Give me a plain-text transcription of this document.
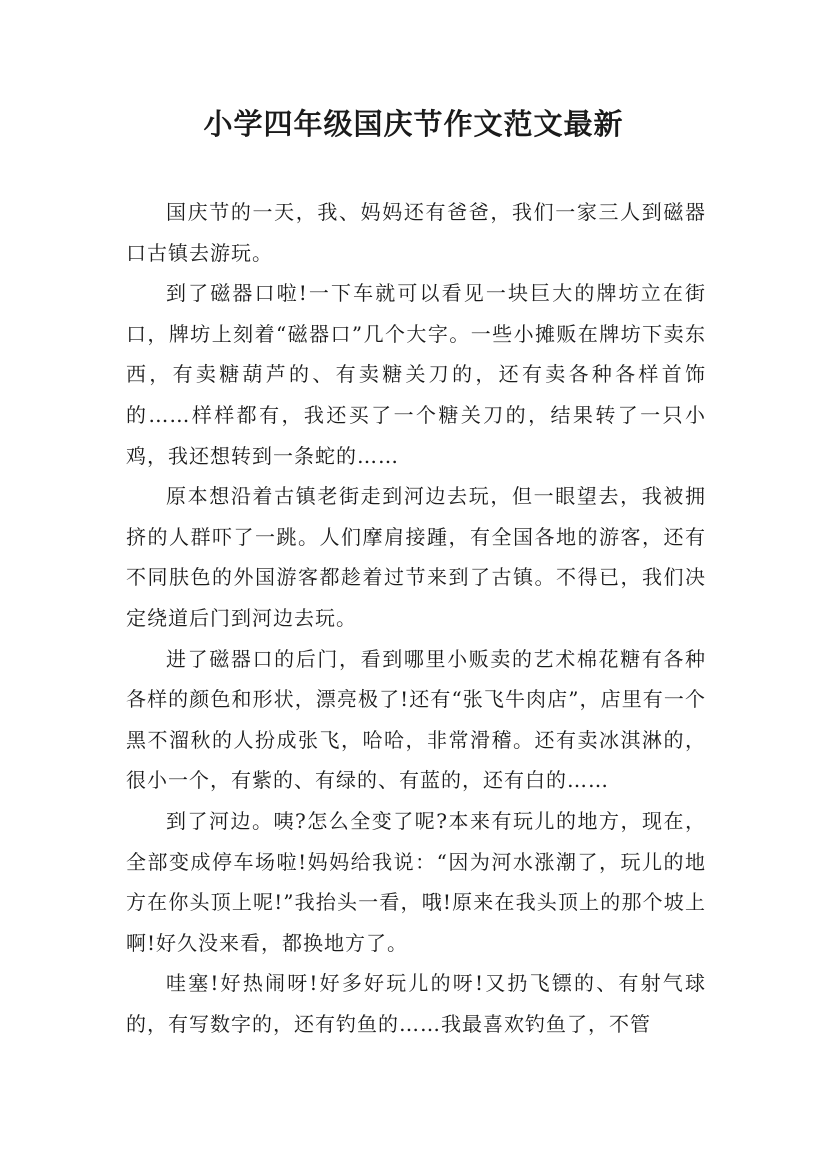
小学四年级国庆节作文范文最新

国庆节的一天，我、妈妈还有爸爸，我们一家三人到磁器口古镇去游玩。

到了磁器口啦!一下车就可以看见一块巨大的牌坊立在街口，牌坊上刻着“磁器口”几个大字。一些小摊贩在牌坊下卖东西，有卖糖葫芦的、有卖糖关刀的，还有卖各种各样首饰的……样样都有，我还买了一个糖关刀的，结果转了一只小鸡，我还想转到一条蛇的……

原本想沿着古镇老街走到河边去玩，但一眼望去，我被拥挤的人群吓了一跳。人们摩肩接踵，有全国各地的游客，还有不同肤色的外国游客都趁着过节来到了古镇。不得已，我们决定绕道后门到河边去玩。

进了磁器口的后门，看到哪里小贩卖的艺术棉花糖有各种各样的颜色和形状，漂亮极了!还有“张飞牛肉店”，店里有一个黑不溜秋的人扮成张飞，哈哈，非常滑稽。还有卖冰淇淋的，很小一个，有紫的、有绿的、有蓝的，还有白的……

到了河边。咦?怎么全变了呢?本来有玩儿的地方，现在，全部变成停车场啦!妈妈给我说：“因为河水涨潮了，玩儿的地方在你头顶上呢!”我抬头一看，哦!原来在我头顶上的那个坡上啊!好久没来看，都换地方了。

哇塞!好热闹呀!好多好玩儿的呀!又扔飞镖的、有射气球的，有写数字的，还有钓鱼的……我最喜欢钓鱼了，不管
